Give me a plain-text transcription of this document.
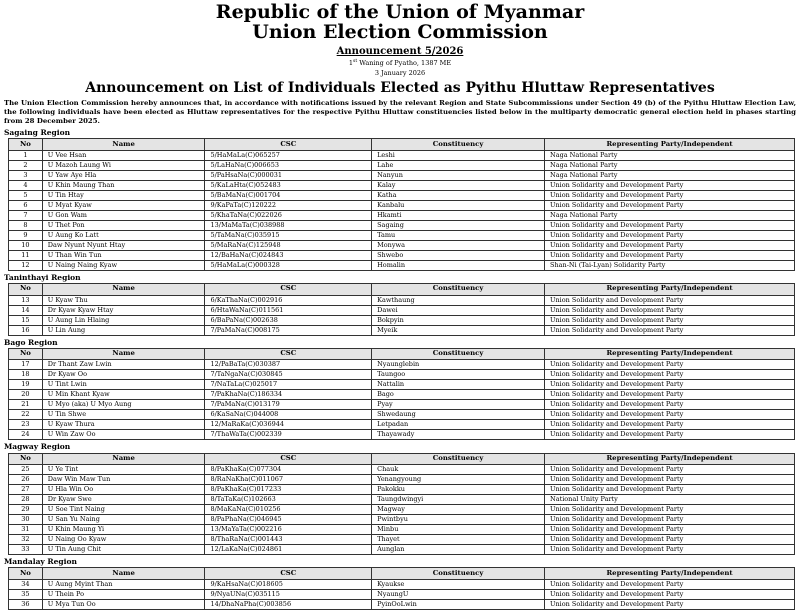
Republic of the Union of Myanmar
Union Election Commission
Announcement 5/2026
1st Waning of Pyatho, 1387 ME
3 January 2026
Announcement on List of Individuals Elected as Pyithu Hluttaw Representatives

The Union Election Commission hereby announces that, in accordance with notifications issued by the relevant Region and State Subcommissions under Section 49 (b) of the Pyithu Hluttaw Election Law, the following individuals have been elected as Hluttaw representatives for the respective Pyithu Hluttaw constituencies listed below in the multiparty democratic general election held in phases starting from 28 December 2025.

Sagaing Region
No	Name	CSC	Constituency	Representing Party/Independent
1	U Vee Hsan	5/HaMaLa(C)065257	Leshi	Naga National Party
2	U Mazoh Laung Wi	5/LaHaNa(C)006653	Lahe	Naga National Party
3	U Yaw Aye Hla	5/PaHsaNa(C)000031	Nanyun	Naga National Party
4	U Khin Maung Than	5/KaLaHta(C)052483	Kalay	Union Solidarity and Development Party
5	U Tin Htay	5/BaMaNa(C)001704	Katha	Union Solidarity and Development Party
6	U Myat Kyaw	9/KaPaTa(C)120222	Kanbalu	Union Solidarity and Development Party
7	U Gon Wam	5/KhaTaNa(C)022026	Hkamti	Naga National Party
8	U Thet Pon	13/MaMaTa(C)038988	Sagaing	Union Solidarity and Development Party
9	U Aung Ko Latt	5/TaMaNa(C)035915	Tamu	Union Solidarity and Development Party
10	Daw Nyunt Nyunt Htay	5/MaRaNa(C)125948	Monywa	Union Solidarity and Development Party
11	U Than Win Tun	12/BaHaNa(C)024843	Shwebo	Union Solidarity and Development Party
12	U Naing Naing Kyaw	5/HaMaLa(C)000328	Homalin	Shan-Ni (Tai-Lyan) Solidarity Party
Taninthayi Region
No	Name	CSC	Constituency	Representing Party/Independent
13	U Kyaw Thu	6/KaThaNa(C)002916	Kawthaung	Union Solidarity and Development Party
14	Dr Kyaw Kyaw Htay	6/HtaWaNa(C)011561	Dawei	Union Solidarity and Development Party
15	U Aung Lin Hlaing	6/BaPaNa(C)002638	Bokpyin	Union Solidarity and Development Party
16	U Lin Aung	7/PaMaNa(C)008175	Myeik	Union Solidarity and Development Party
Bago Region
No	Name	CSC	Constituency	Representing Party/Independent
17	Dr Thant Zaw Lwin	12/PaBaTa(C)030387	Nyaunglebin	Union Solidarity and Development Party
18	Dr Kyaw Oo	7/TaNgaNa(C)030845	Taungoo	Union Solidarity and Development Party
19	U Tint Lwin	7/NaTaLa(C)025017	Nattalin	Union Solidarity and Development Party
20	U Min Khant Kyaw	7/PaKhaNa(C)186334	Bago	Union Solidarity and Development Party
21	U Myo (aka) U Myo Aung	7/PaMaNa(C)013179	Pyay	Union Solidarity and Development Party
22	U Tin Shwe	6/KaSaNa(C)044008	Shwedaung	Union Solidarity and Development Party
23	U Kyaw Thura	12/MaRaKa(C)036944	Letpadan	Union Solidarity and Development Party
24	U Win Zaw Oo	7/ThaWaTa(C)002339	Thayawady	Union Solidarity and Development Party
Magway Region
No	Name	CSC	Constituency	Representing Party/Independent
25	U Ye Tint	8/PaKhaKa(C)077304	Chauk	Union Solidarity and Development Party
26	Daw Win Maw Tun	8/RaNaKha(C)011067	Yenangyoung	Union Solidarity and Development Party
27	U Hla Win Oo	8/PaKhaKa(C)017233	Pakokku	Union Solidarity and Development Party
28	Dr Kyaw Swe	8/TaTaKa(C)102663	Taungdwingyi	National Unity Party
29	U Soe Tint Naing	8/MaKaNa(C)010256	Magway	Union Solidarity and Development Party
30	U San Yu Naing	8/PaPhaNa(C)046945	Pwintbyu	Union Solidarity and Development Party
31	U Khin Maung Yi	13/MaYaTa(C)002216	Minbu	Union Solidarity and Development Party
32	U Naing Oo Kyaw	8/ThaRaNa(C)001443	Thayet	Union Solidarity and Development Party
33	U Tin Aung Chit	12/LaKaNa(C)024861	Aunglan	Union Solidarity and Development Party
Mandalay Region
No	Name	CSC	Constituency	Representing Party/Independent
34	U Aung Myint Than	9/KaHsaNa(C)018605	Kyaukse	Union Solidarity and Development Party
35	U Thein Po	9/NyaUNa(C)035115	NyaungU	Union Solidarity and Development Party
36	U Mya Tun Oo	14/DhaNaPha(C)003856	PyinOoLwin	Union Solidarity and Development Party
